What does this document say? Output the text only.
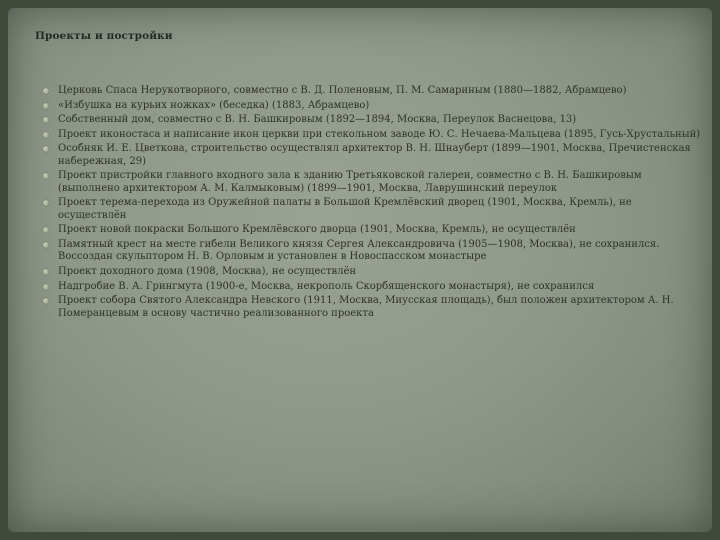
Проекты и постройки
Церковь Спаса Нерукотворного, совместно с В. Д. Поленовым, П. М. Самариным (1880—1882, Абрамцево)
«Избушка на курьих ножках» (беседка) (1883, Абрамцево)
Собственный дом, совместно с В. Н. Башкировым (1892—1894, Москва, Переулок Васнецова, 13)
Проект иконостаса и написание икон церкви при стекольном заводе Ю. С. Нечаева-Мальцева (1895, Гусь-Хрустальный)
Особняк И. Е. Цветкова, строительство осуществлял архитектор В. Н. Шнауберт (1899—1901, Москва, Пречистенская набережная, 29)
Проект пристройки главного входного зала к зданию Третьяковской галереи, совместно с В. Н. Башкировым (выполнено архитектором А. М. Калмыковым) (1899—1901, Москва, Лаврушинский переулок
Проект терема-перехода из Оружейной палаты в Большой Кремлёвский дворец (1901, Москва, Кремль), не осуществлён
Проект новой покраски Большого Кремлёвского дворца (1901, Москва, Кремль), не осуществлён
Памятный крест на месте гибели Великого князя Сергея Александровича (1905—1908, Москва), не сохранился. Воссоздан скульптором Н. В. Орловым и установлен в Новоспасском монастыре
Проект доходного дома (1908, Москва), не осуществлён
Надгробие В. А. Грингмута (1900-е, Москва, некрополь Скорбященского монастыря), не сохранился
Проект собора Святого Александра Невского (1911, Москва, Миусская площадь), был положен архитектором А. Н. Померанцевым в основу частично реализованного проекта
